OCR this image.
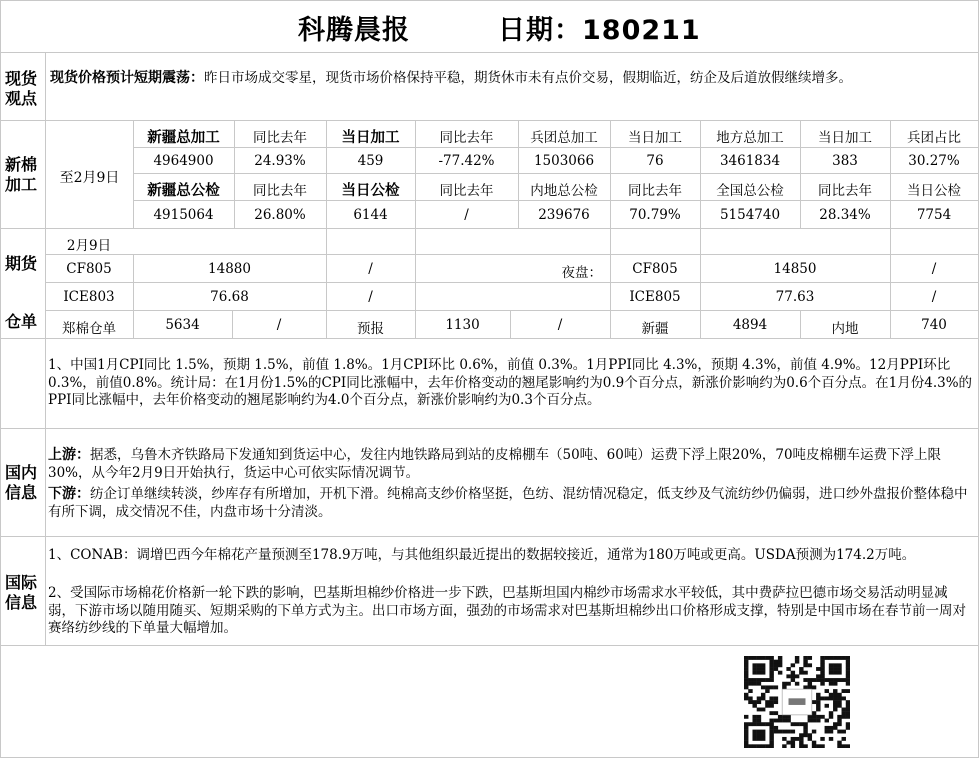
科腾晨报	日期：180211
现货观点
现货价格预计短期震荡：昨日市场成交零星，现货市场价格保持平稳，期货休市未有点价交易，假期临近，纺企及后道放假继续增多。
新棉加工	至2月9日
新疆总加工	同比去年	当日加工	同比去年	兵团总加工	当日加工	地方总加工	当日加工	兵团占比
4964900	24.93%	459	-77.42%	1503066	76	3461834	383	30.27%
新疆总公检	同比去年	当日公检	同比去年	内地总公检	同比去年	全国总公检	同比去年	当日公检
4915064	26.80%	6144	/	239676	70.79%	5154740	28.34%	7754
2月9日
期货	CF805	14880	/	夜盘：	CF805	14850	/
ICE803	76.68	/	ICE805	77.63	/
仓单	郑棉仓单	5634	/	预报	1130	/	新疆	4894	内地	740
1、中国1月CPI同比 1.5%，预期 1.5%，前值 1.8%。1月CPI环比 0.6%，前值 0.3%。1月PPI同比 4.3%，预期 4.3%，前值 4.9%。12月PPI环比0.3%，前值0.8%。统计局：在1月份1.5%的CPI同比涨幅中，去年价格变动的翘尾影响约为0.9个百分点，新涨价影响约为0.6个百分点。在1月份4.3%的PPI同比涨幅中，去年价格变动的翘尾影响约为4.0个百分点，新涨价影响约为0.3个百分点。
国内信息
上游：据悉，乌鲁木齐铁路局下发通知到货运中心，发往内地铁路局到站的皮棉棚车（50吨、60吨）运费下浮上限20%，70吨皮棉棚车运费下浮上限30%，从今年2月9日开始执行，货运中心可依实际情况调节。
下游：纺企订单继续转淡，纱库存有所增加，开机下滑。纯棉高支纱价格坚挺，色纺、混纺情况稳定，低支纱及气流纺纱仍偏弱，进口纱外盘报价整体稳中有所下调，成交情况不佳，内盘市场十分清淡。
国际信息
1、CONAB：调增巴西今年棉花产量预测至178.9万吨，与其他组织最近提出的数据较接近，通常为180万吨或更高。USDA预测为174.2万吨。
2、受国际市场棉花价格新一轮下跌的影响，巴基斯坦棉纱价格进一步下跌，巴基斯坦国内棉纱市场需求水平较低，其中费萨拉巴德市场交易活动明显减弱，下游市场以随用随买、短期采购的下单方式为主。出口市场方面，强劲的市场需求对巴基斯坦棉纱出口价格形成支撑，特别是中国市场在春节前一周对赛络纺纱线的下单量大幅增加。
